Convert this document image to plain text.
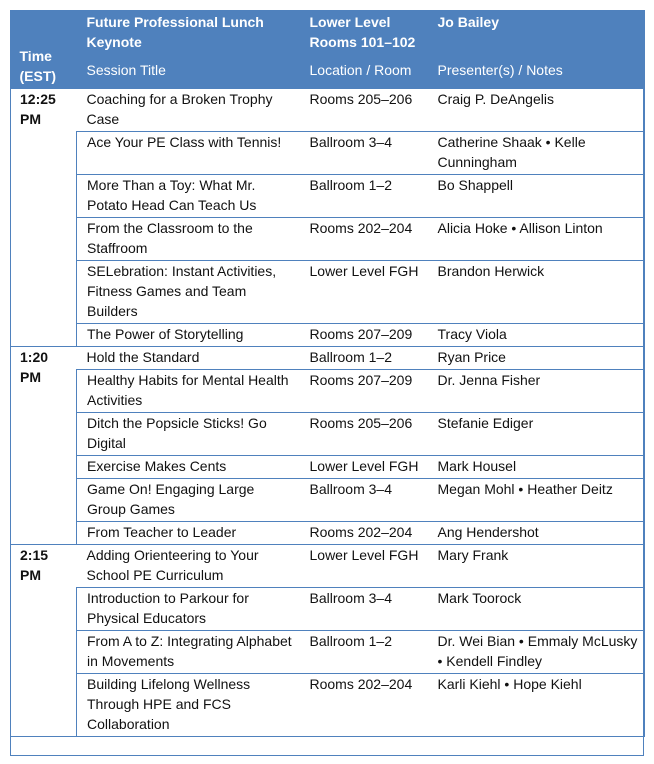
Time (EST)	Future Professional Lunch Keynote	Lower Level Rooms 101–102	Jo Bailey
	Session Title	Location / Room	Presenter(s) / Notes
12:25 PM	Coaching for a Broken Trophy Case	Rooms 205–206	Craig P. DeAngelis
	Ace Your PE Class with Tennis!	Ballroom 3–4	Catherine Shaak • Kelle Cunningham
	More Than a Toy: What Mr. Potato Head Can Teach Us	Ballroom 1–2	Bo Shappell
	From the Classroom to the Staffroom	Rooms 202–204	Alicia Hoke • Allison Linton
	SELebration: Instant Activities, Fitness Games and Team Builders	Lower Level FGH	Brandon Herwick
	The Power of Storytelling	Rooms 207–209	Tracy Viola
1:20 PM	Hold the Standard	Ballroom 1–2	Ryan Price
	Healthy Habits for Mental Health Activities	Rooms 207–209	Dr. Jenna Fisher
	Ditch the Popsicle Sticks! Go Digital	Rooms 205–206	Stefanie Ediger
	Exercise Makes Cents	Lower Level FGH	Mark Housel
	Game On! Engaging Large Group Games	Ballroom 3–4	Megan Mohl • Heather Deitz
	From Teacher to Leader	Rooms 202–204	Ang Hendershot
2:15 PM	Adding Orienteering to Your School PE Curriculum	Lower Level FGH	Mary Frank
	Introduction to Parkour for Physical Educators	Ballroom 3–4	Mark Toorock
	From A to Z: Integrating Alphabet in Movements	Ballroom 1–2	Dr. Wei Bian • Emmaly McLusky • Kendell Findley
	Building Lifelong Wellness Through HPE and FCS Collaboration	Rooms 202–204	Karli Kiehl • Hope Kiehl
